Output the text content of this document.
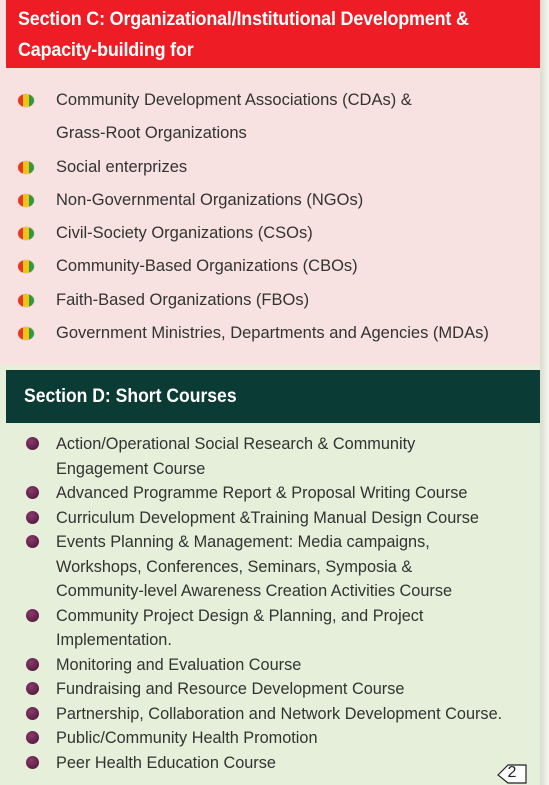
Section C: Organizational/Institutional Development &
Capacity-building for
Community Development Associations (CDAs) &
Grass-Root Organizations
Social enterprizes
Non-Governmental Organizations (NGOs)
Civil-Society Organizations (CSOs)
Community-Based Organizations (CBOs)
Faith-Based Organizations (FBOs)
Government Ministries, Departments and Agencies (MDAs)
Section D: Short Courses
Action/Operational Social Research & Community
Engagement Course
Advanced Programme Report & Proposal Writing Course
Curriculum Development &Training Manual Design Course
Events Planning & Management: Media campaigns,
Workshops, Conferences, Seminars, Symposia &
Community-level Awareness Creation Activities Course
Community Project Design & Planning, and Project
Implementation.
Monitoring and Evaluation Course
Fundraising and Resource Development Course
Partnership, Collaboration and Network Development Course.
Public/Community Health Promotion
Peer Health Education Course
2
